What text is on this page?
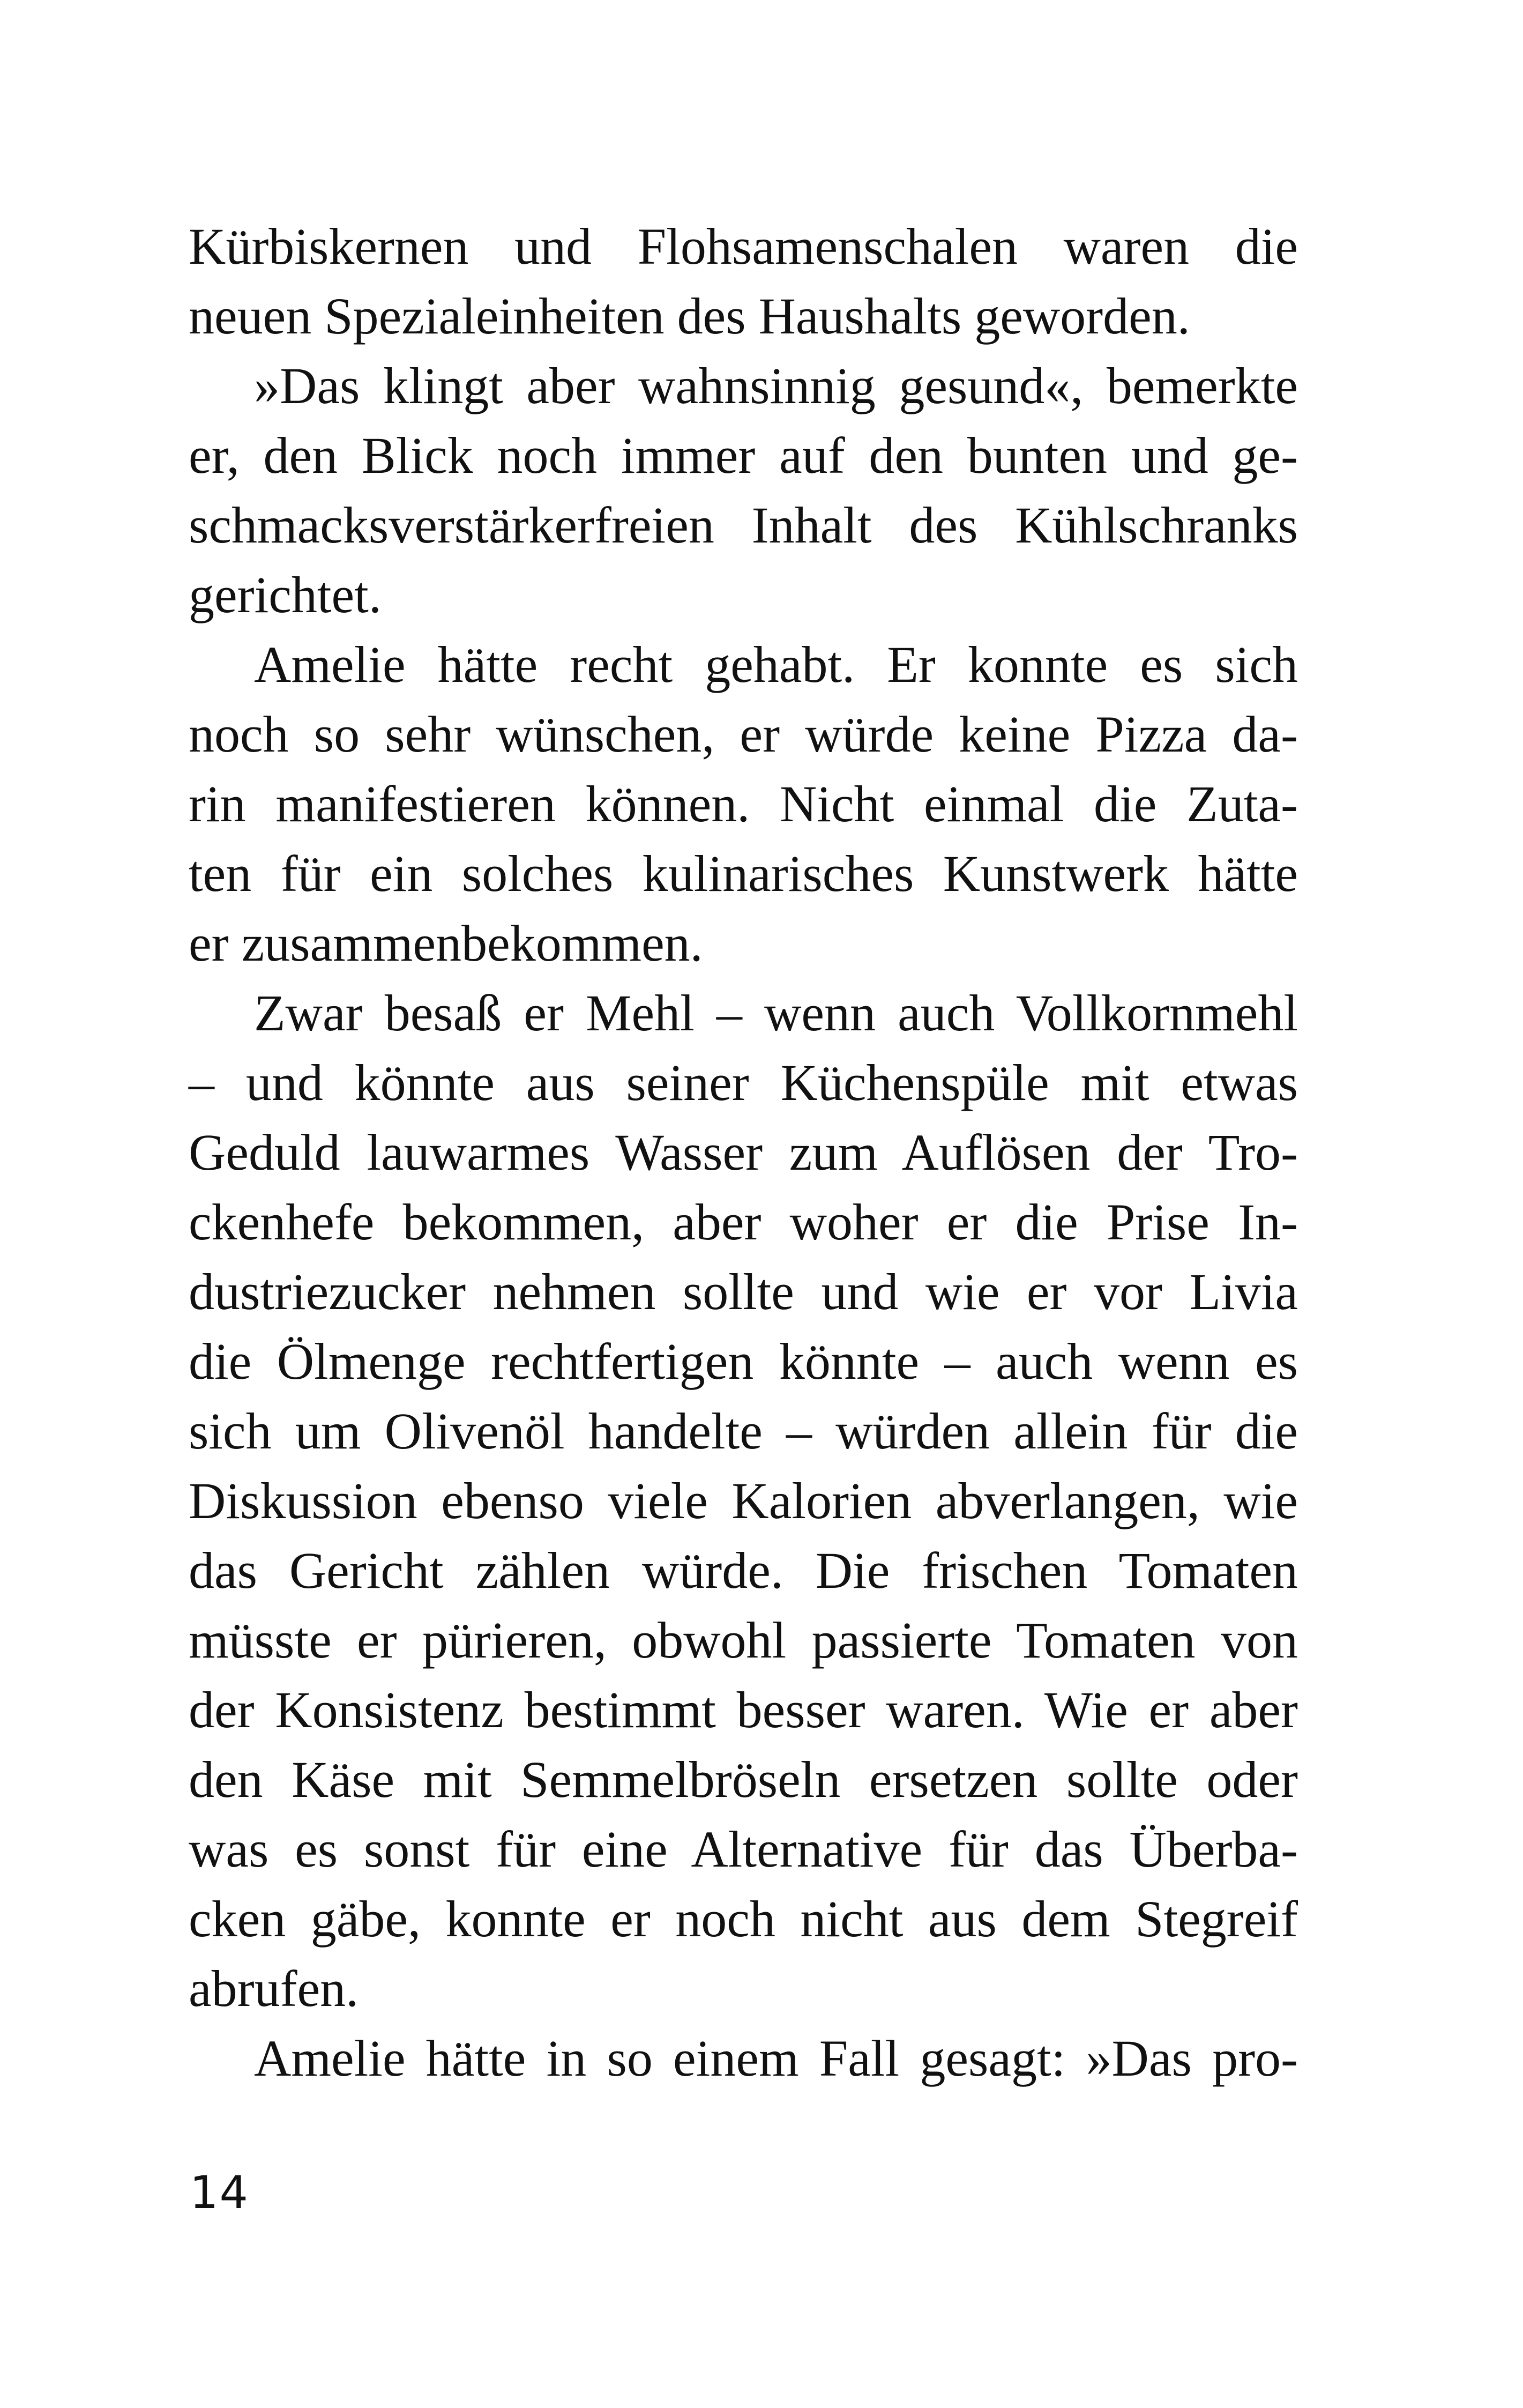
Kürbiskernen und Flohsamenschalen waren die
neuen Spezialeinheiten des Haushalts geworden.
»Das klingt aber wahnsinnig gesund«, bemerkte
er, den Blick noch immer auf den bunten und ge-
schmacksverstärkerfreien Inhalt des Kühlschranks
gerichtet.
Amelie hätte recht gehabt. Er konnte es sich
noch so sehr wünschen, er würde keine Pizza da-
rin manifestieren können. Nicht einmal die Zuta-
ten für ein solches kulinarisches Kunstwerk hätte
er zusammenbekommen.
Zwar besaß er Mehl – wenn auch Vollkornmehl
– und könnte aus seiner Küchenspüle mit etwas
Geduld lauwarmes Wasser zum Auflösen der Tro-
ckenhefe bekommen, aber woher er die Prise In-
dustriezucker nehmen sollte und wie er vor Livia
die Ölmenge rechtfertigen könnte – auch wenn es
sich um Olivenöl handelte – würden allein für die
Diskussion ebenso viele Kalorien abverlangen, wie
das Gericht zählen würde. Die frischen Tomaten
müsste er pürieren, obwohl passierte Tomaten von
der Konsistenz bestimmt besser waren. Wie er aber
den Käse mit Semmelbröseln ersetzen sollte oder
was es sonst für eine Alternative für das Überba-
cken gäbe, konnte er noch nicht aus dem Stegreif
abrufen.
Amelie hätte in so einem Fall gesagt: »Das pro-
14
